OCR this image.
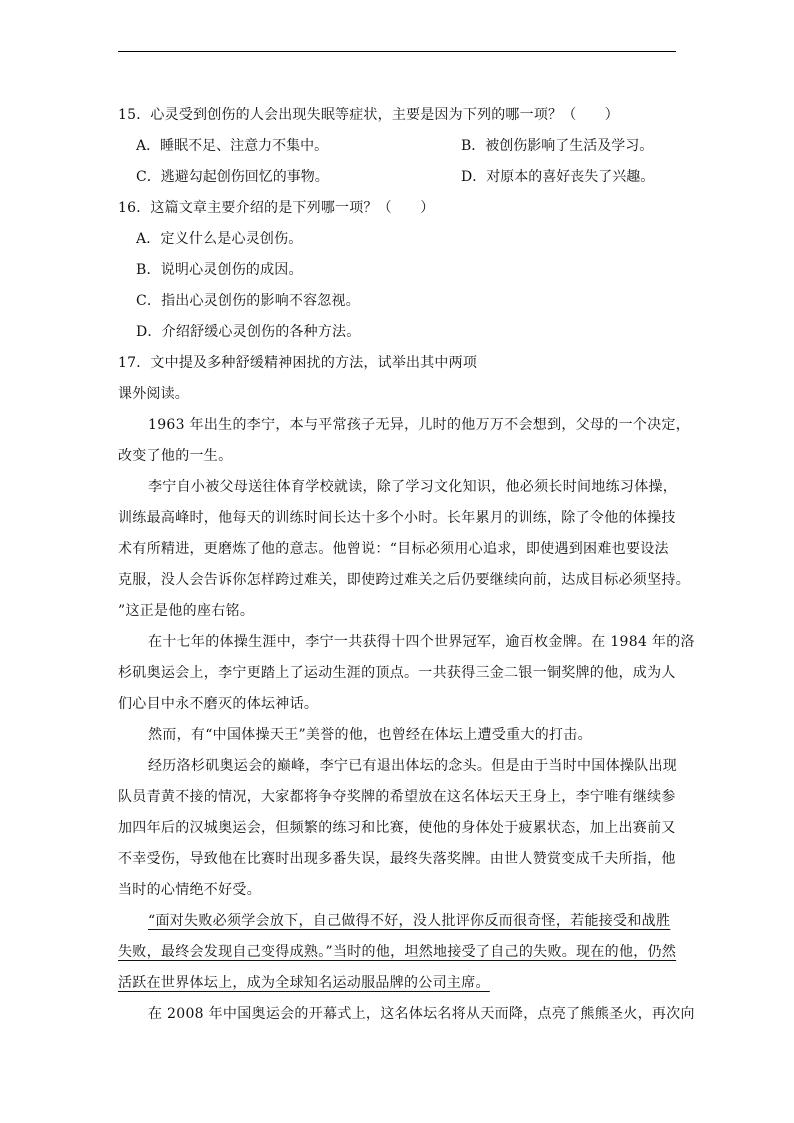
15．心灵受到创伤的人会出现失眠等症状，主要是因为下列的哪一项？（　　）
A．睡眠不足、注意力不集中。	B．被创伤影响了生活及学习。
C．逃避勾起创伤回忆的事物。	D．对原本的喜好丧失了兴趣。
16．这篇文章主要介绍的是下列哪一项？（　　）
A．定义什么是心灵创伤。
B．说明心灵创伤的成因。
C．指出心灵创伤的影响不容忽视。
D．介绍舒缓心灵创伤的各种方法。
17．文中提及多种舒缓精神困扰的方法，试举出其中两项
课外阅读。
1963 年出生的李宁，本与平常孩子无异，儿时的他万万不会想到，父母的一个决定，
改变了他的一生。
李宁自小被父母送往体育学校就读，除了学习文化知识，他必须长时间地练习体操，
训练最高峰时，他每天的训练时间长达十多个小时。长年累月的训练，除了令他的体操技
术有所精进，更磨炼了他的意志。他曾说：“目标必须用心追求，即使遇到困难也要设法
克服，没人会告诉你怎样跨过难关，即使跨过难关之后仍要继续向前，达成目标必须坚持。
”这正是他的座右铭。
在十七年的体操生涯中，李宁一共获得十四个世界冠军，逾百枚金牌。在 1984 年的洛
杉矶奥运会上，李宁更踏上了运动生涯的顶点。一共获得三金二银一铜奖牌的他，成为人
们心目中永不磨灭的体坛神话。
然而，有“中国体操天王”美誉的他，也曾经在体坛上遭受重大的打击。
经历洛杉矶奥运会的巅峰，李宁已有退出体坛的念头。但是由于当时中国体操队出现
队员青黄不接的情况，大家都将争夺奖牌的希望放在这名体坛天王身上，李宁唯有继续参
加四年后的汉城奥运会，但频繁的练习和比赛，使他的身体处于疲累状态，加上出赛前又
不幸受伤，导致他在比赛时出现多番失误，最终失落奖牌。由世人赞赏变成千夫所指，他
当时的心情绝不好受。
“面对失败必须学会放下，自己做得不好，没人批评你反而很奇怪，若能接受和战胜
失败，最终会发现自己变得成熟。”当时的他，坦然地接受了自己的失败。现在的他，仍然
活跃在世界体坛上，成为全球知名运动服品牌的公司主席。
在 2008 年中国奥运会的开幕式上，这名体坛名将从天而降，点亮了熊熊圣火，再次向
